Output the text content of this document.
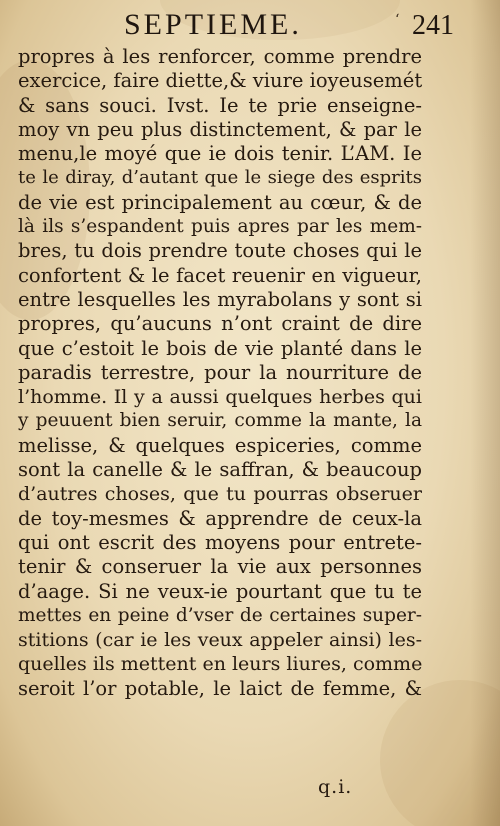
SEPTIEME.	‘ 241
propres à les renforcer, comme prendre
exercice, faire diette,& viure ioyeusemét
& sans souci. Ivst. Ie te prie enseigne-
moy vn peu plus distinctement, & par le
menu,le moyé que ie dois tenir. L’AM. Ie
te le diray, d’autant que le siege des esprits
de vie est principalement au cœur, & de
là ils s’espandent puis apres par les mem-
bres, tu dois prendre toute choses qui le
confortent & le facet reuenir en vigueur,
entre lesquelles les myrabolans y sont si
propres, qu’aucuns n’ont craint de dire
que c’estoit le bois de vie planté dans le
paradis terrestre, pour la nourriture de
l’homme. Il y a aussi quelques herbes qui
y peuuent bien seruir, comme la mante, la
melisse, & quelques espiceries, comme
sont la canelle & le saffran, & beaucoup
d’autres choses, que tu pourras obseruer
de toy-mesmes & apprendre de ceux-la
qui ont escrit des moyens pour entrete-
tenir & conseruer la vie aux personnes
d’aage. Si ne veux-ie pourtant que tu te
mettes en peine d’vser de certaines super-
stitions (car ie les veux appeler ainsi) les-
quelles ils mettent en leurs liures, comme
seroit l’or potable, le laict de femme, &
q.i.
